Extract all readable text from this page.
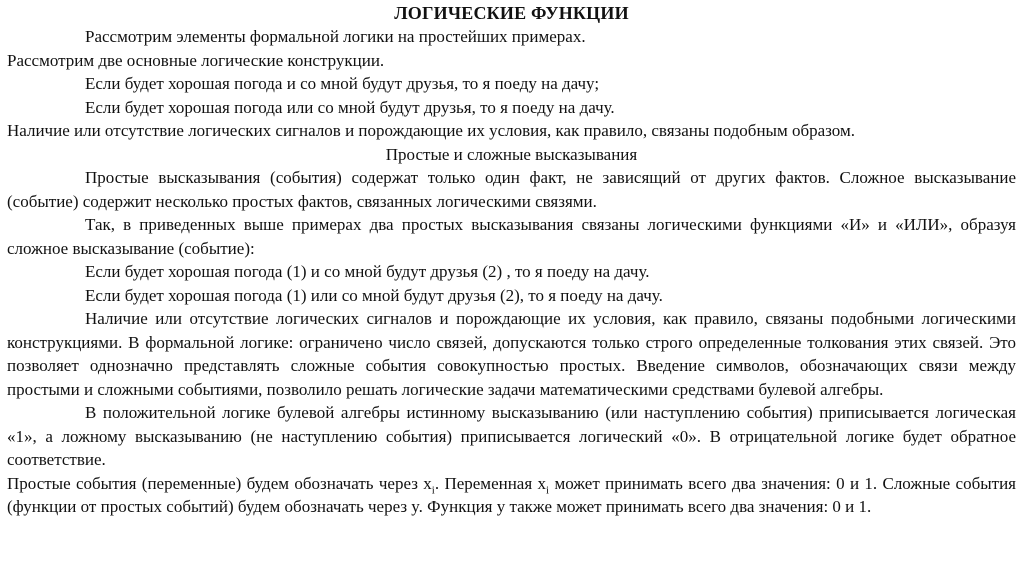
ЛОГИЧЕСКИЕ ФУНКЦИИ

Рассмотрим элементы формальной логики на простейших примерах.

Рассмотрим две основные логические конструкции.

Если будет хорошая погода и со мной будут друзья, то я поеду на дачу;

Если будет хорошая погода или со мной будут друзья, то я поеду на дачу.

Наличие или отсутствие логических сигналов и порождающие их условия, как правило, связаны подобным образом.

Простые и сложные высказывания

Простые высказывания (события) содержат только один факт, не зависящий от других фактов. Сложное высказывание (событие) содержит несколько простых фактов, связанных логическими связями.

Так, в приведенных выше примерах два простых высказывания связаны логическими функциями «И» и «ИЛИ», образуя сложное высказывание (событие):

Если будет хорошая погода (1) и со мной будут друзья (2) , то я поеду на дачу.

Если будет хорошая погода (1) или со мной будут друзья (2), то я поеду на дачу.

Наличие или отсутствие логических сигналов и порождающие их условия, как правило, связаны подобными логическими конструкциями. В формальной логике: ограничено число связей, допускаются только строго определенные толкования этих связей. Это позволяет однозначно представлять сложные события совокупностью простых. Введение символов, обозначающих связи между простыми и сложными событиями, позволило решать логические задачи математическими средствами булевой алгебры.

В положительной логике булевой алгебры истинному высказыванию (или наступлению события) приписывается логическая «1», а ложному высказыванию (не наступлению события) приписывается логический «0». В отрицательной логике будет обратное соответствие.

Простые события (переменные) будем обозначать через $x_i$. Переменная $x_i$ может принимать всего два значения: 0 и 1. Сложные события (функции от простых событий) будем обозначать через y. Функция y также может принимать всего два значения: 0 и 1.
